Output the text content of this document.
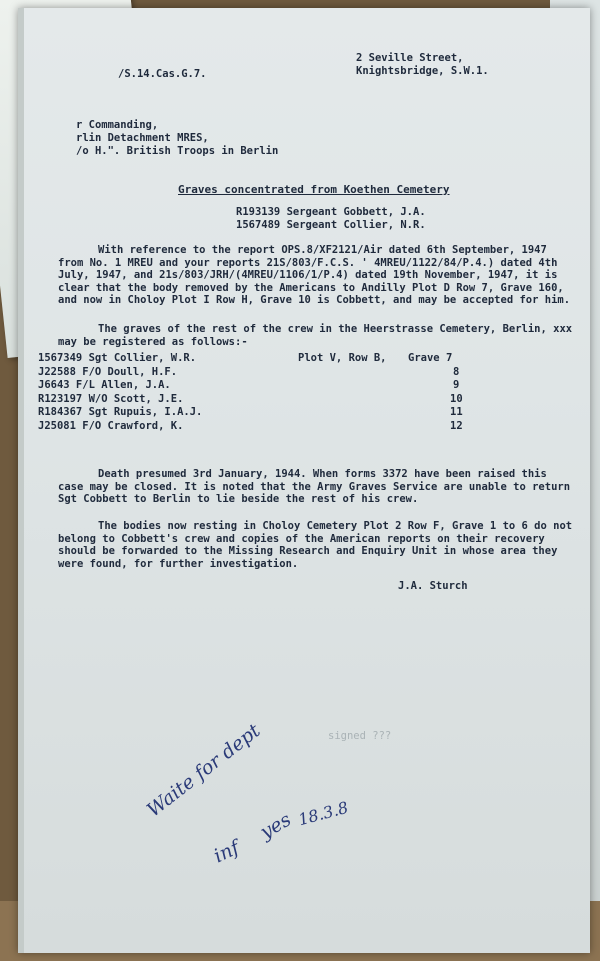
/S.14.Cas.G.7.
2 Seville Street,
Knightsbridge, S.W.1.
r Commanding,
rlin Detachment MRES,
/o H.". British Troops in Berlin
Graves concentrated from Koethen Cemetery
R193139 Sergeant Gobbett, J.A.
1567489 Sergeant Collier, N.R.
With reference to the report OPS.8/XF2121/Air dated 6th September, 1947 from No. 1 MREU and your reports 21S/803/F.C.S. ' 4MREU/1122/84/P.4.) dated 4th July, 1947, and 21s/803/JRH/(4MREU/1106/1/P.4) dated 19th November, 1947, it is clear that the body removed by the Americans to Andilly Plot D Row 7, Grave 160, and now in Choloy Plot I Row H, Grave 10 is Cobbett, and may be accepted for him.
The graves of the rest of the crew in the Heerstrasse Cemetery, Berlin, xxx may be registered as follows:-
1567349 Sgt Collier, W.R.	Plot V, Row B, Grave 7
J22588 F/O Doull, H.F.	8
J6643 F/L Allen, J.A.	9
R123197 W/O Scott, J.E.	10
R184367 Sgt Rupuis, I.A.J.	11
J25081 F/O Crawford, K.	12
Death presumed 3rd January, 1944. When forms 3372 have been raised this case may be closed. It is noted that the Army Graves Service are unable to return Sgt Cobbett to Berlin to lie beside the rest of his crew.
The bodies now resting in Choloy Cemetery Plot 2 Row F, Grave 1 to 6 do not belong to Cobbett's crew and copies of the American reports on their recovery should be forwarded to the Missing Research and Enquiry Unit in whose area they were found, for further investigation.
J.A. Sturch
signed ???
Waite for dept
inf
yes 18.3.8
